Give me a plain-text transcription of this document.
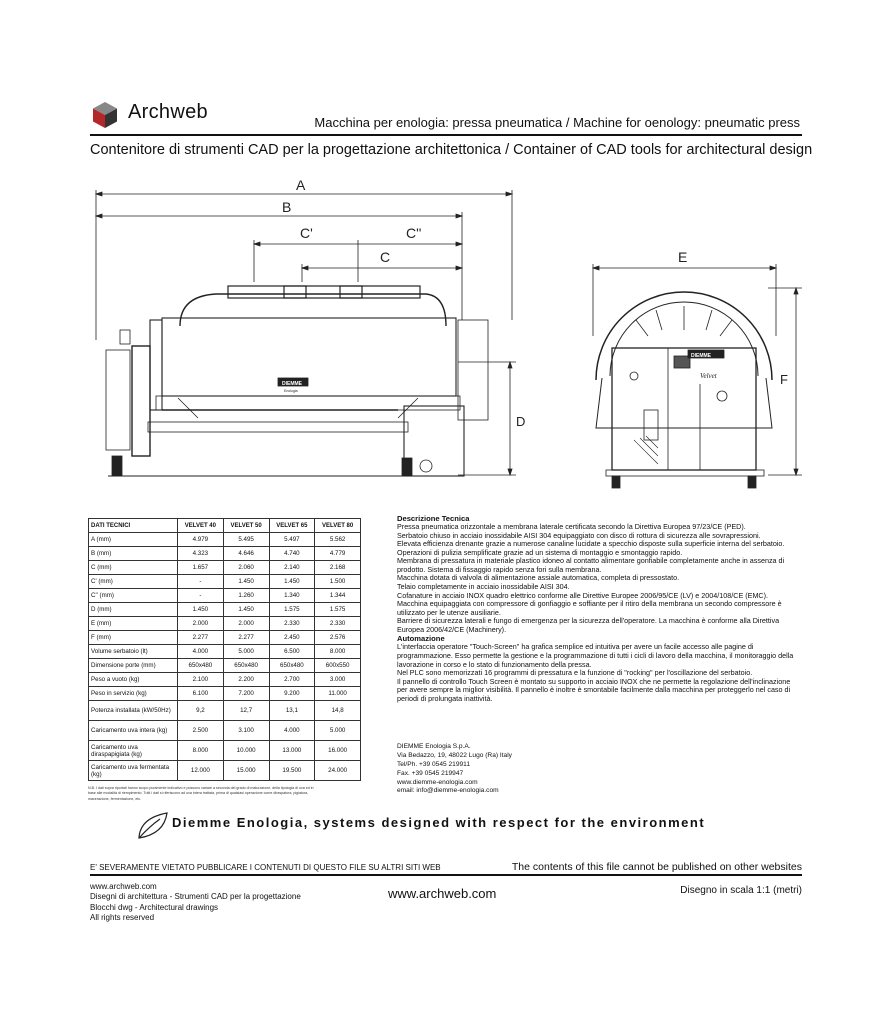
Archweb	Macchina per enologia: pressa pneumatica / Machine for oenology: pneumatic press
Contenitore di strumenti CAD per la progettazione architettonica / Container of CAD tools for architectural design
A
B
C'	C''
C
D
DIEMME
Enologia
E
F
DIEMME
Velvet
DATI TECNICI	VELVET 40	VELVET 50	VELVET 65	VELVET 80
A (mm)	4.979	5.495	5.497	5.562
B (mm)	4.323	4.646	4.740	4.779
C (mm)	1.657	2.060	2.140	2.168
C' (mm)	-	1.450	1.450	1.500
C'' (mm)	-	1.260	1.340	1.344
D (mm)	1.450	1.450	1.575	1.575
E (mm)	2.000	2.000	2.330	2.330
F (mm)	2.277	2.277	2.450	2.576
Volume serbatoio (lt)	4.000	5.000	6.500	8.000
Dimensione porte (mm)	650x480	650x480	650x480	600x550
Peso a vuoto (kg)	2.100	2.200	2.700	3.000
Peso in servizio (kg)	6.100	7.200	9.200	11.000
Potenza installata (kW/50Hz)	9,2	12,7	13,1	14,8
Caricamento uva intera (kg)	2.500	3.100	4.000	5.000
Caricamento uva diraspapigiata (kg)	8.000	10.000	13.000	16.000
Caricamento uva fermentata (kg)	12.000	15.000	19.500	24.000
N.B. I dati sopra riportati hanno scopo puramente indicativo e possono variare a seconda del grado di maturazione, della tipologia di uva ed in base alle modalità di riempimento. Tutti i dati si riferiscono ad uva intera trattata, prima di qualsiasi operazione come diraspatura, pigiatura, macerazione, fermentazione, etc.
Descrizione Tecnica

Pressa pneumatica orizzontale a membrana laterale certificata secondo la Direttiva Europea 97/23/CE (PED).

Serbatoio chiuso in acciaio inossidabile AISI 304 equipaggiato con disco di rottura di sicurezza alle sovrapressioni.

Elevata efficienza drenante grazie a numerose canaline lucidate a specchio disposte sulla superficie interna del serbatoio. Operazioni di pulizia semplificate grazie ad un sistema di montaggio e smontaggio rapido.

Membrana di pressatura in materiale plastico idoneo al contatto alimentare gonfiabile completamente anche in assenza di prodotto. Sistema di fissaggio rapido senza fori sulla membrana.

Macchina dotata di valvola di alimentazione assiale automatica, completa di pressostato.

Telaio completamente in acciaio inossidabile AISI 304.

Cofanature in acciaio INOX quadro elettrico conforme alle Direttive Europee 2006/95/CE (LV) e 2004/108/CE (EMC).

Macchina equipaggiata con compressore di gonfiaggio e soffiante per il ritiro della membrana un secondo compressore è utilizzato per le utenze ausiliarie.

Barriere di sicurezza laterali e fungo di emergenza per la sicurezza dell'operatore. La macchina è conforme alla Direttiva Europea 2006/42/CE (Machinery).

Automazione

L'interfaccia operatore "Touch-Screen" ha grafica semplice ed intuitiva per avere un facile accesso alle pagine di programmazione. Esso permette la gestione e la programmazione di tutti i cicli di lavoro della macchina, il monitoraggio della lavorazione in corso e lo stato di funzionamento della pressa.

Nel PLC sono memorizzati 16 programmi di pressatura e la funzione di "rocking" per l'oscillazione del serbatoio.

Il pannello di controllo Touch Screen è montato su supporto in acciaio INOX che ne permette la regolazione dell'inclinazione per avere sempre la miglior visibilità. Il pannello è inoltre è smontabile facilmente dalla macchina per proteggerlo nel caso di periodi di prolungata inattività.

DIEMME Enologia S.p.A.
Via Bedazzo, 19, 48022 Lugo (Ra) Italy
Tel/Ph. +39 0545 219911
Fax. +39 0545 219947
www.diemme-enologia.com
email: info@diemme-enologia.com
Diemme Enologia, systems designed with respect for the environment
E' SEVERAMENTE VIETATO PUBBLICARE I CONTENUTI DI QUESTO FILE SU ALTRI SITI WEB	The contents of this file cannot be published on other websites
www.archweb.com
Disegni di architettura - Strumenti CAD per la progettazione
Blocchi dwg - Architectural drawings
All rights reserved
www.archweb.com	Disegno in scala 1:1 (metri)
